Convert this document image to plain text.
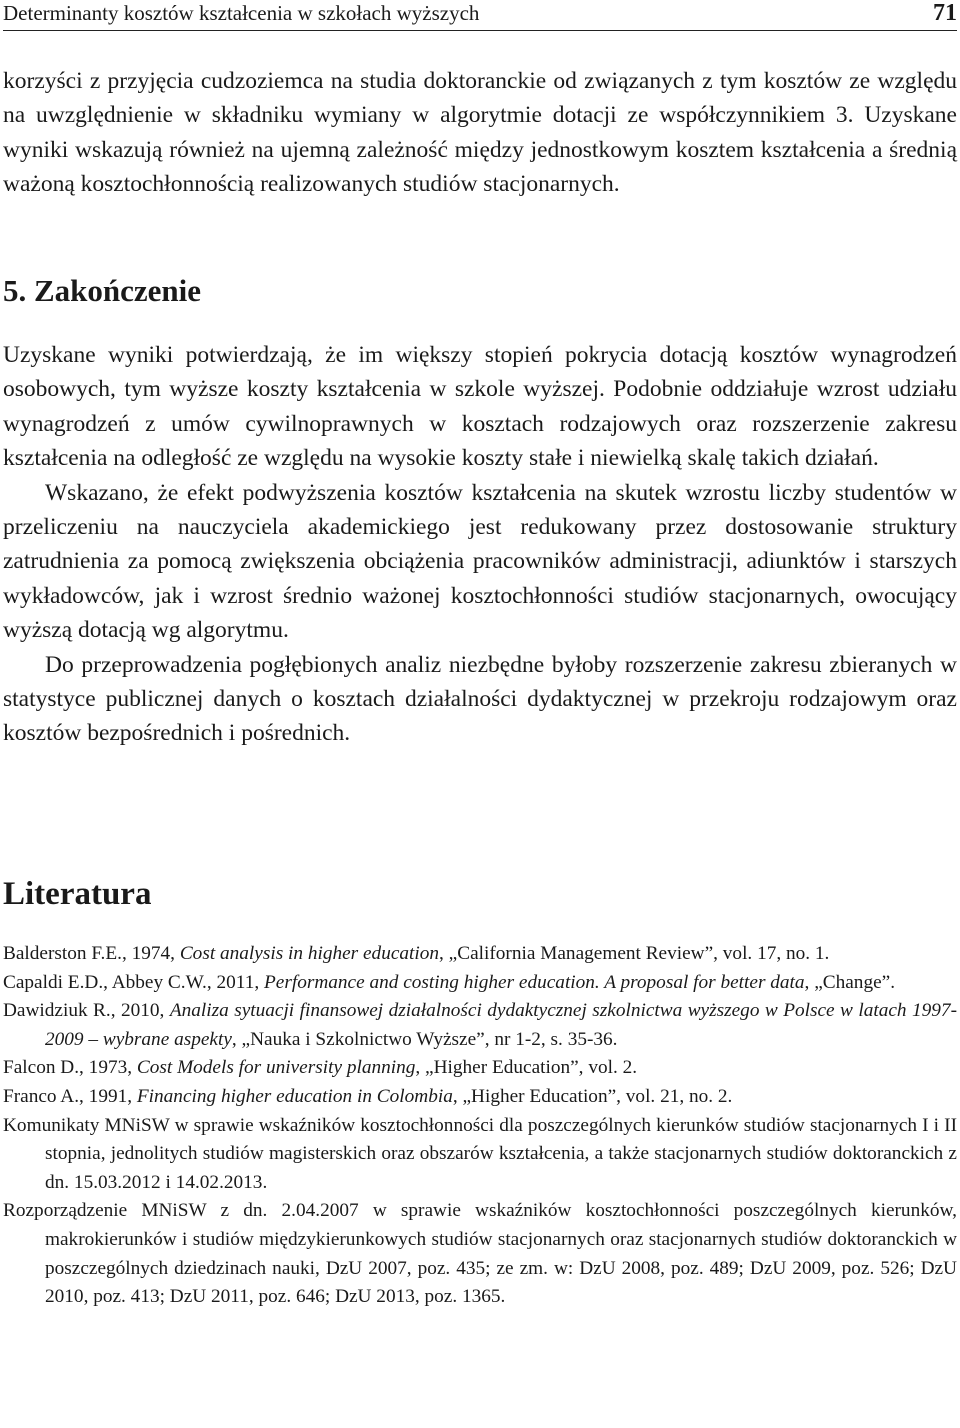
Determinanty kosztów kształcenia w szkołach wyższych	71

korzyści z przyjęcia cudzoziemca na studia doktoranckie od związanych z tym kosztów ze względu na uwzględnienie w składniku wymiany w algorytmie dotacji ze współczynnikiem 3. Uzyskane wyniki wskazują również na ujemną zależność między jednostkowym kosztem kształcenia a średnią ważoną kosztochłonnością realizowanych studiów stacjonarnych.

5. Zakończenie

Uzyskane wyniki potwierdzają, że im większy stopień pokrycia dotacją kosztów wynagrodzeń osobowych, tym wyższe koszty kształcenia w szkole wyższej. Podobnie oddziałuje wzrost udziału wynagrodzeń z umów cywilnoprawnych w kosztach rodzajowych oraz rozszerzenie zakresu kształcenia na odległość ze względu na wysokie koszty stałe i niewielką skalę takich działań.

Wskazano, że efekt podwyższenia kosztów kształcenia na skutek wzrostu liczby studentów w przeliczeniu na nauczyciela akademickiego jest redukowany przez dostosowanie struktury zatrudnienia za pomocą zwiększenia obciążenia pracowników administracji, adiunktów i starszych wykładowców, jak i wzrost średnio ważonej kosztochłonności studiów stacjonarnych, owocujący wyższą dotacją wg algorytmu.

Do przeprowadzenia pogłębionych analiz niezbędne byłoby rozszerzenie zakresu zbieranych w statystyce publicznej danych o kosztach działalności dydaktycznej w przekroju rodzajowym oraz kosztów bezpośrednich i pośrednich.

Literatura

Balderston F.E., 1974, Cost analysis in higher education, „California Management Review”, vol. 17, no. 1.

Capaldi E.D., Abbey C.W., 2011, Performance and costing higher education. A proposal for better data, „Change”.

Dawidziuk R., 2010, Analiza sytuacji finansowej działalności dydaktycznej szkolnictwa wyższego w Polsce w latach 1997-2009 – wybrane aspekty, „Nauka i Szkolnictwo Wyższe”, nr 1-2, s. 35-36.

Falcon D., 1973, Cost Models for university planning, „Higher Education”, vol. 2.

Franco A., 1991, Financing higher education in Colombia, „Higher Education”, vol. 21, no. 2.

Komunikaty MNiSW w sprawie wskaźników kosztochłonności dla poszczególnych kierunków studiów stacjonarnych I i II stopnia, jednolitych studiów magisterskich oraz obszarów kształcenia, a także stacjonarnych studiów doktoranckich z dn. 15.03.2012 i 14.02.2013.

Rozporządzenie MNiSW z dn. 2.04.2007 w sprawie wskaźników kosztochłonności poszczególnych kierunków, makrokierunków i studiów międzykierunkowych studiów stacjonarnych oraz stacjonarnych studiów doktoranckich w poszczególnych dziedzinach nauki, DzU 2007, poz. 435; ze zm. w: DzU 2008, poz. 489; DzU 2009, poz. 526; DzU 2010, poz. 413; DzU 2011, poz. 646; DzU 2013, poz. 1365.
